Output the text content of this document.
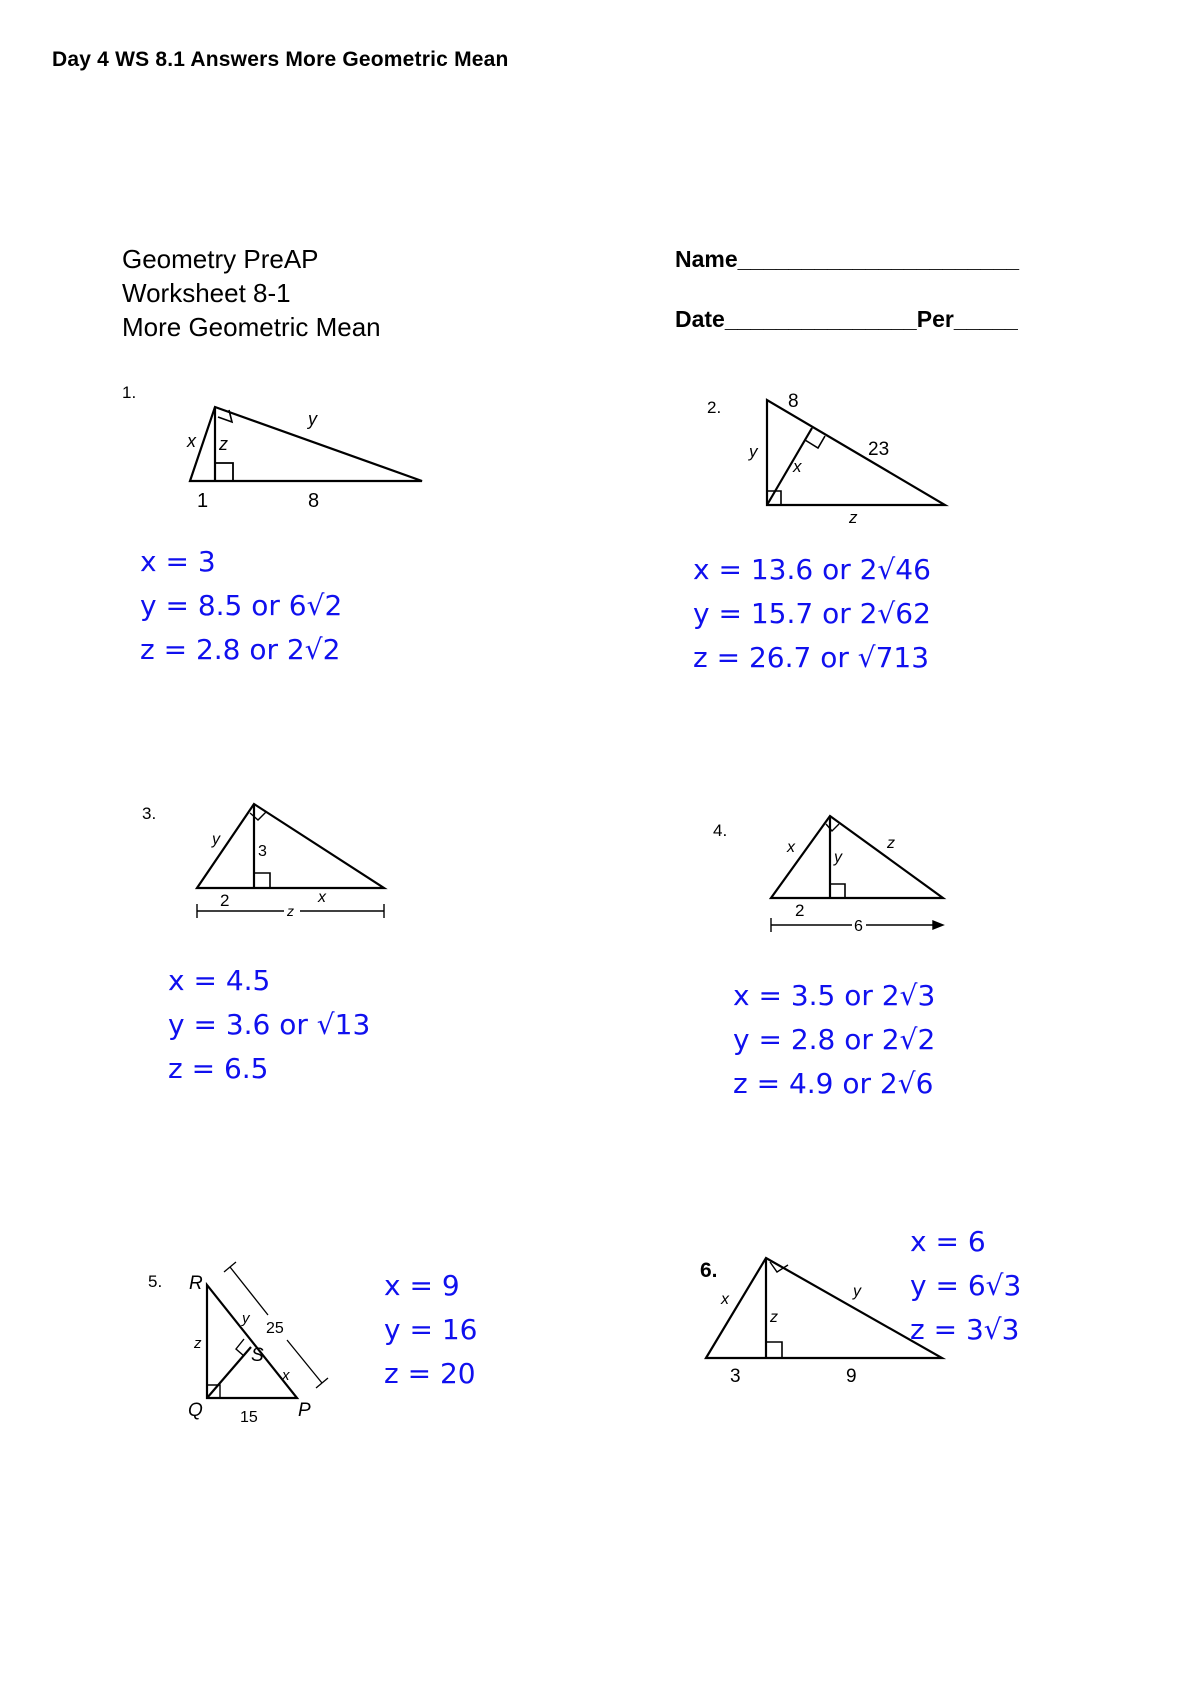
Day 4 WS 8.1 Answers More Geometric Mean
Geometry PreAP
Worksheet 8-1
More Geometric Mean
Name______________________
Date_______________Per_____
1.
x z
y
1	8
x = 3
y = 8.5 or 6√2
z = 2.8 or 2√2
2.	8
23
y
x
z
x = 13.6 or 2√46
y = 15.7 or 2√62
z = 26.7 or √713
3.
y
3
2	x
z
x = 4.5
y = 3.6 or √13
z = 6.5
4.
x
y
z
2
6
x = 3.5 or 2√3
y = 2.8 or 2√2
z = 4.9 or 2√6
5. R
S
Q	P
y
25
z
x
15
x = 9
y = 16
z = 20
6.
x
z
y
3	9
x = 6
y = 6√3
z = 3√3
